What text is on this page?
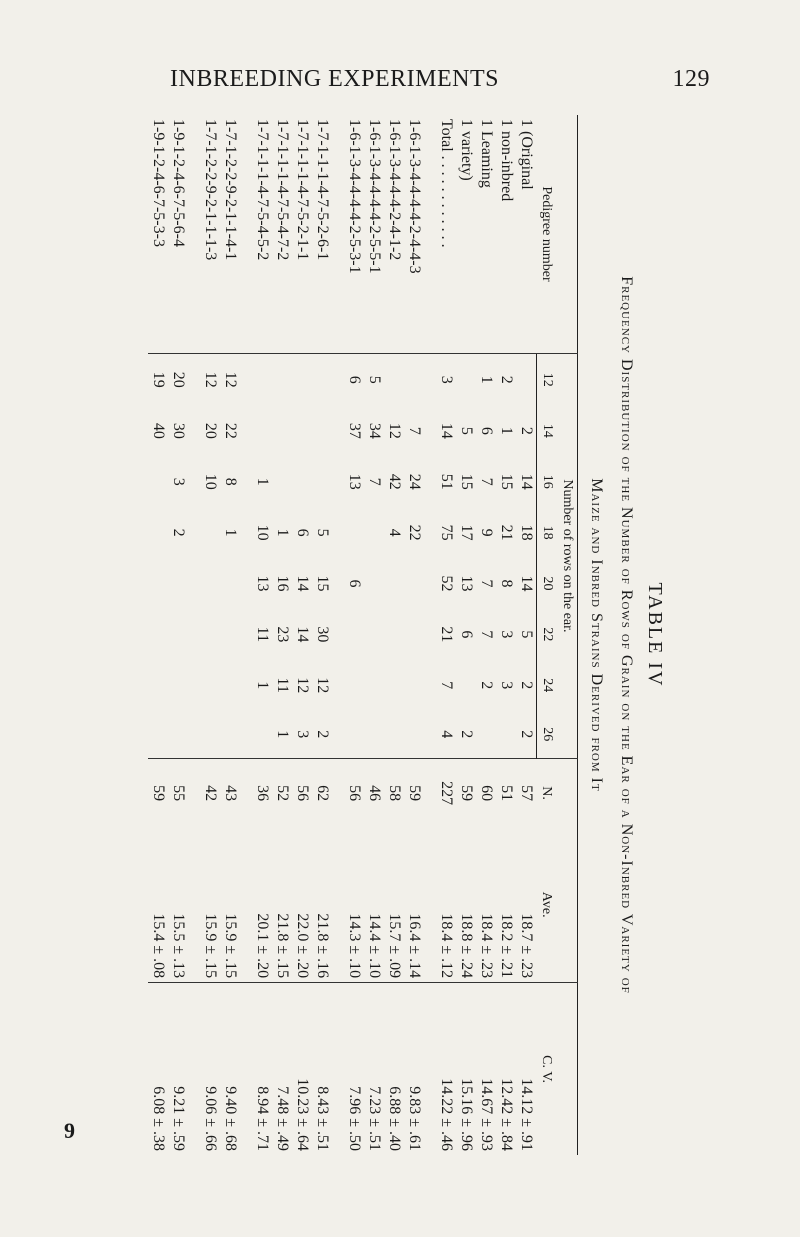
INBREEDING EXPERIMENTS	129
TABLE IV
Frequency Distribution of the Number of Rows of Grain on the Ear of a Non-Inbred Variety of
Maize and Inbred Strains Derived from It
Pedigree number	Number of rows on the ear.								N.	Ave.	C. V.
	12	14	16	18	20	22	24	26			
1 (Original		2	14	18	14	5	2	2	57	18.7 ± .23	14.12 ± .91
1 non-inbred	2	1	15	21	8	3	3		51	18.2 ± .21	12.42 ± .84
1 Leaming	1	6	7	9	7	7	2		60	18.4 ± .23	14.67 ± .93
1 variety)		5	15	17	13	6		2	59	18.8 ± .24	15.16 ± .96
Total . . . . . . . . . . . .	3	14	51	75	52	21	7	4	227	18.4 ± .12	14.22 ± .46
1-6-1-3-4-4-4-4-2-4-4-3		7	24	22					59	16.4 ± .14	9.83 ± .61
1-6-1-3-4-4-4-2-4-1-2		12	42	4					58	15.7 ± .09	6.88 ± .40
1-6-1-3-4-4-4-4-2-5-5-1	5	34	7						46	14.4 ± .10	7.23 ± .51
1-6-1-3-4-4-4-4-2-5-3-1	6	37	13		6				56	14.3 ± .10	7.96 ± .50
1-7-1-1-1-4-7-5-2-6-1				5	15	30	12	2	62	21.8 ± .16	8.43 ± .51
1-7-1-1-1-4-7-5-2-1-1				6	14	14	12	3	56	22.0 ± .20	10.23 ± .64
1-7-1-1-1-4-7-5-4-7-2				1	16	23	11	1	52	21.8 ± .15	7.48 ± .49
1-7-1-1-1-4-7-5-4-5-2			1	10	13	11	1		36	20.1 ± .20	8.94 ± .71
1-7-1-2-2-9-2-1-1-4-1	12	22	8	1					43	15.9 ± .15	9.40 ± .68
1-7-1-2-2-9-2-1-1-1-3	12	20	10						42	15.9 ± .15	9.06 ± .66
1-9-1-2-4-6-7-5-6-4	20	30	3	2					55	15.5 ± .13	9.21 ± .59
1-9-1-2-4-6-7-5-3-3	19	40							59	15.4 ± .08	6.08 ± .38
9
